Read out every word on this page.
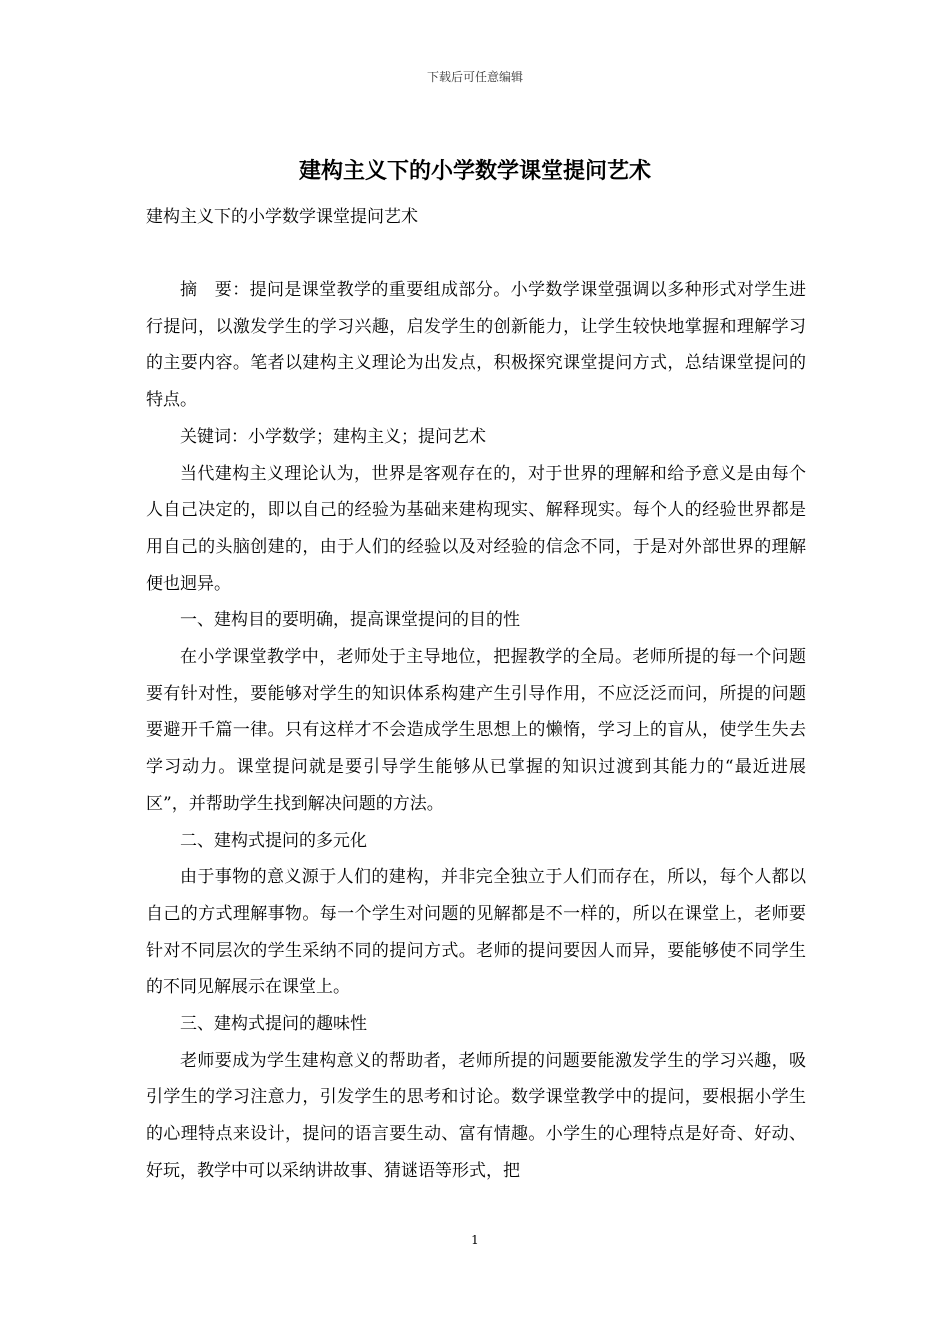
下载后可任意编辑
建构主义下的小学数学课堂提问艺术

建构主义下的小学数学课堂提问艺术

摘　要：提问是课堂教学的重要组成部分。小学数学课堂强调以多种形式对学生进行提问，以激发学生的学习兴趣，启发学生的创新能力，让学生较快地掌握和理解学习的主要内容。笔者以建构主义理论为出发点，积极探究课堂提问方式，总结课堂提问的特点。

关键词：小学数学；建构主义；提问艺术

当代建构主义理论认为，世界是客观存在的，对于世界的理解和给予意义是由每个人自己决定的，即以自己的经验为基础来建构现实、解释现实。每个人的经验世界都是用自己的头脑创建的，由于人们的经验以及对经验的信念不同，于是对外部世界的理解便也迥异。

一、建构目的要明确，提高课堂提问的目的性

在小学课堂教学中，老师处于主导地位，把握教学的全局。老师所提的每一个问题要有针对性，要能够对学生的知识体系构建产生引导作用，不应泛泛而问，所提的问题要避开千篇一律。只有这样才不会造成学生思想上的懒惰，学习上的盲从，使学生失去学习动力。课堂提问就是要引导学生能够从已掌握的知识过渡到其能力的“最近进展区”，并帮助学生找到解决问题的方法。

二、建构式提问的多元化

由于事物的意义源于人们的建构，并非完全独立于人们而存在，所以，每个人都以自己的方式理解事物。每一个学生对问题的见解都是不一样的，所以在课堂上，老师要针对不同层次的学生采纳不同的提问方式。老师的提问要因人而异，要能够使不同学生的不同见解展示在课堂上。

三、建构式提问的趣味性

老师要成为学生建构意义的帮助者，老师所提的问题要能激发学生的学习兴趣，吸引学生的学习注意力，引发学生的思考和讨论。数学课堂教学中的提问，要根据小学生的心理特点来设计，提问的语言要生动、富有情趣。小学生的心理特点是好奇、好动、好玩，教学中可以采纳讲故事、猜谜语等形式，把

1
